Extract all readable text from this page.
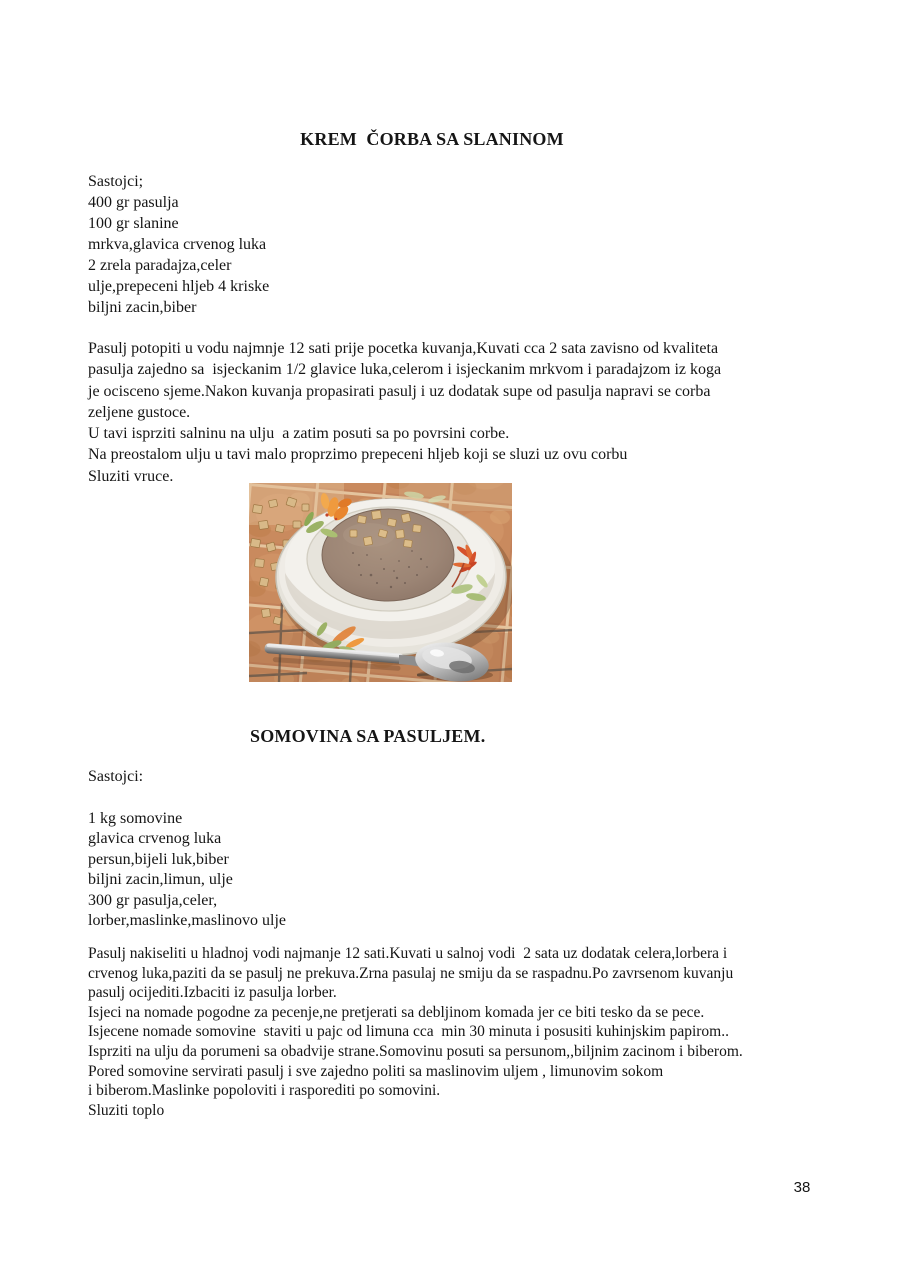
KREM  ČORBA SA SLANINOM
Sastojci;
400 gr pasulja
100 gr slanine
mrkva,glavica crvenog luka
2 zrela paradajza,celer
ulje,prepeceni hljeb 4 kriske
biljni zacin,biber
Pasulj potopiti u vodu najmnje 12 sati prije pocetka kuvanja,Kuvati cca 2 sata zavisno od kvaliteta
pasulja zajedno sa  isjeckanim 1/2 glavice luka,celerom i isjeckanim mrkvom i paradajzom iz koga
je ocisceno sjeme.Nakon kuvanja propasirati pasulj i uz dodatak supe od pasulja napravi se corba
zeljene gustoce.
U tavi isprziti salninu na ulju  a zatim posuti sa po povrsini corbe.
Na preostalom ulju u tavi malo proprzimo prepeceni hljeb koji se sluzi uz ovu corbu
Sluziti vruce.
SOMOVINA SA PASULJEM.
Sastojci:
1 kg somovine
glavica crvenog luka
persun,bijeli luk,biber
biljni zacin,limun, ulje
300 gr pasulja,celer,
lorber,maslinke,maslinovo ulje
Pasulj nakiseliti u hladnoj vodi najmanje 12 sati.Kuvati u salnoj vodi  2 sata uz dodatak celera,lorbera i
crvenog luka,paziti da se pasulj ne prekuva.Zrna pasulaj ne smiju da se raspadnu.Po zavrsenom kuvanju
pasulj ocijediti.Izbaciti iz pasulja lorber.
Isjeci na nomade pogodne za pecenje,ne pretjerati sa debljinom komada jer ce biti tesko da se pece.
Isjecene nomade somovine  staviti u pajc od limuna cca  min 30 minuta i posusiti kuhinjskim papirom..
Isprziti na ulju da porumeni sa obadvije strane.Somovinu posuti sa persunom,,biljnim zacinom i biberom.
Pored somovine servirati pasulj i sve zajedno politi sa maslinovim uljem , limunovim sokom
i biberom.Maslinke popoloviti i rasporediti po somovini.
Sluziti toplo
38
